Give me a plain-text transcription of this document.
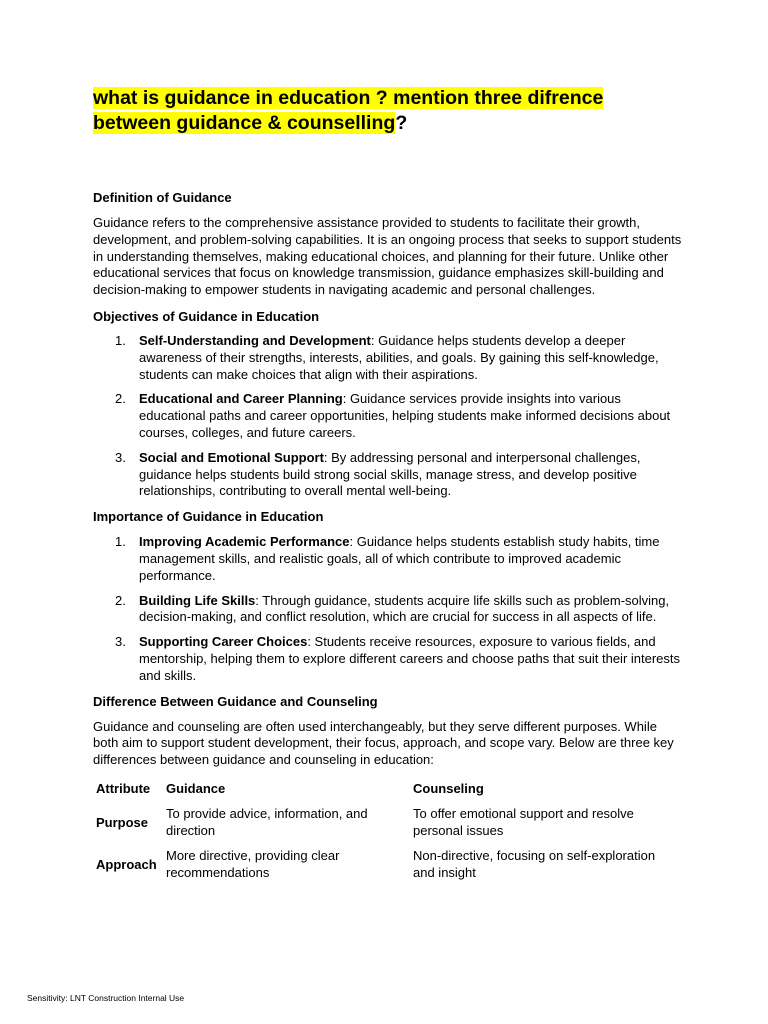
what is guidance in education ? mention three difrence between guidance & counselling?
Definition of Guidance

Guidance refers to the comprehensive assistance provided to students to facilitate their growth, development, and problem-solving capabilities. It is an ongoing process that seeks to support students in understanding themselves, making educational choices, and planning for their future. Unlike other educational services that focus on knowledge transmission, guidance emphasizes skill-building and decision-making to empower students in navigating academic and personal challenges.

Objectives of Guidance in Education
1. Self-Understanding and Development: Guidance helps students develop a deeper awareness of their strengths, interests, abilities, and goals. By gaining this self-knowledge, students can make choices that align with their aspirations.
2. Educational and Career Planning: Guidance services provide insights into various educational paths and career opportunities, helping students make informed decisions about courses, colleges, and future careers.
3. Social and Emotional Support: By addressing personal and interpersonal challenges, guidance helps students build strong social skills, manage stress, and develop positive relationships, contributing to overall mental well-being.
Importance of Guidance in Education
1. Improving Academic Performance: Guidance helps students establish study habits, time management skills, and realistic goals, all of which contribute to improved academic performance.
2. Building Life Skills: Through guidance, students acquire life skills such as problem-solving, decision-making, and conflict resolution, which are crucial for success in all aspects of life.
3. Supporting Career Choices: Students receive resources, exposure to various fields, and mentorship, helping them to explore different careers and choose paths that suit their interests and skills.
Difference Between Guidance and Counseling

Guidance and counseling are often used interchangeably, but they serve different purposes. While both aim to support student development, their focus, approach, and scope vary. Below are three key differences between guidance and counseling in education:

Attribute	Guidance	Counseling
Purpose	To provide advice, information, and direction	To offer emotional support and resolve personal issues
Approach	More directive, providing clear recommendations	Non-directive, focusing on self-exploration and insight
Sensitivity: LNT Construction Internal Use
